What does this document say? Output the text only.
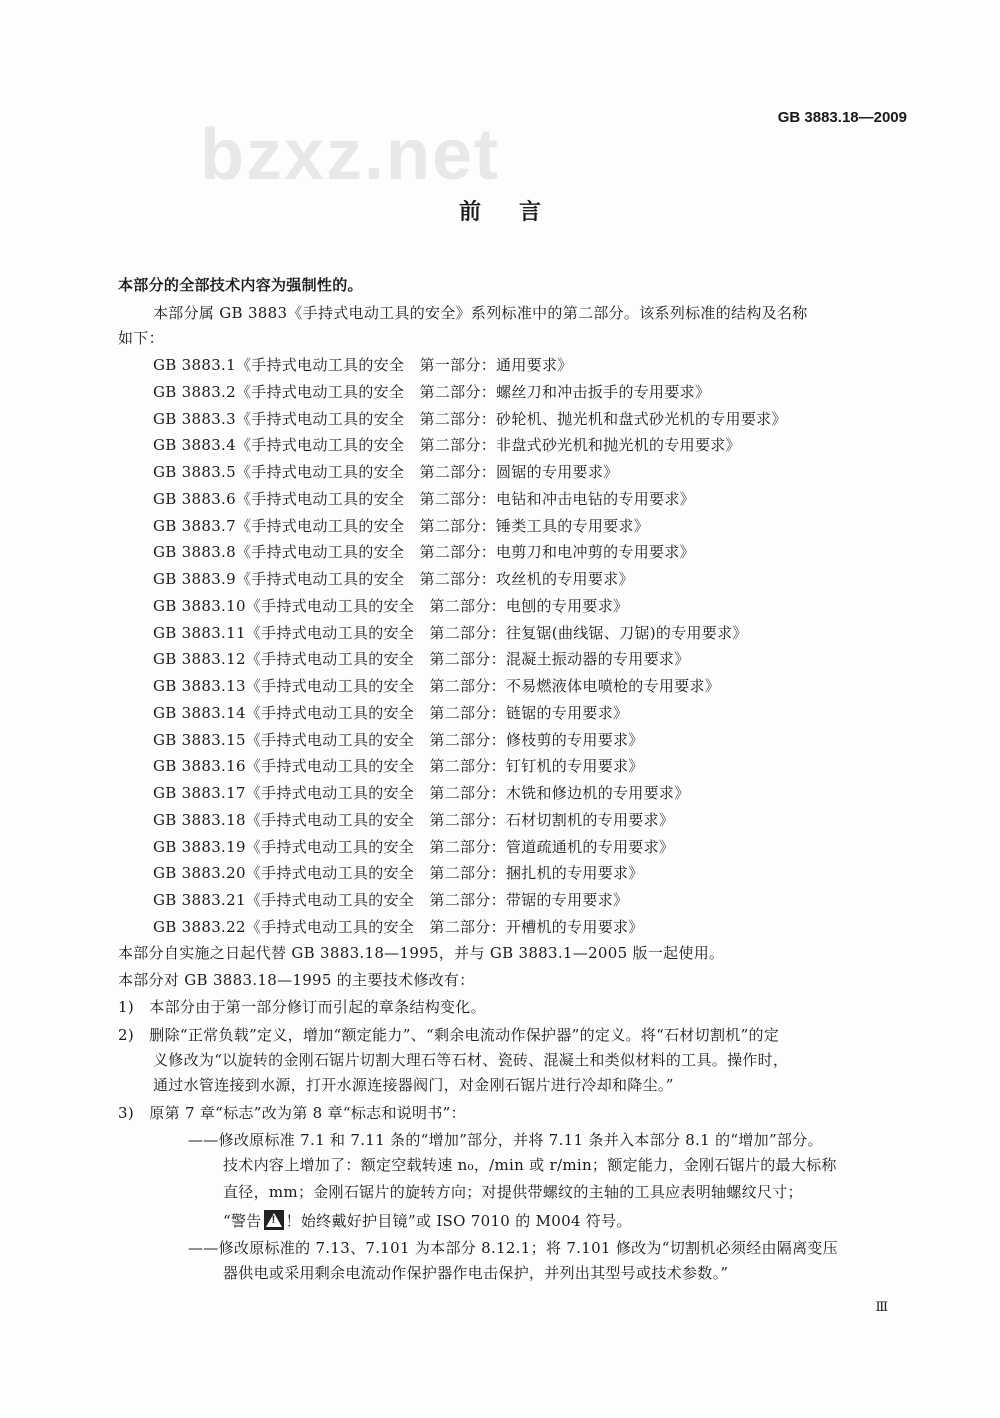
GB 3883.18—2009
bzxz.net
前言
本部分的全部技术内容为强制性的。
本部分属 GB 3883《手持式电动工具的安全》系列标准中的第二部分。该系列标准的结构及名称
如下：
GB 3883.1《手持式电动工具的安全　第一部分：通用要求》
GB 3883.2《手持式电动工具的安全　第二部分：螺丝刀和冲击扳手的专用要求》
GB 3883.3《手持式电动工具的安全　第二部分：砂轮机、抛光机和盘式砂光机的专用要求》
GB 3883.4《手持式电动工具的安全　第二部分：非盘式砂光机和抛光机的专用要求》
GB 3883.5《手持式电动工具的安全　第二部分：圆锯的专用要求》
GB 3883.6《手持式电动工具的安全　第二部分：电钻和冲击电钻的专用要求》
GB 3883.7《手持式电动工具的安全　第二部分：锤类工具的专用要求》
GB 3883.8《手持式电动工具的安全　第二部分：电剪刀和电冲剪的专用要求》
GB 3883.9《手持式电动工具的安全　第二部分：攻丝机的专用要求》
GB 3883.10《手持式电动工具的安全　第二部分：电刨的专用要求》
GB 3883.11《手持式电动工具的安全　第二部分：往复锯(曲线锯、刀锯)的专用要求》
GB 3883.12《手持式电动工具的安全　第二部分：混凝土振动器的专用要求》
GB 3883.13《手持式电动工具的安全　第二部分：不易燃液体电喷枪的专用要求》
GB 3883.14《手持式电动工具的安全　第二部分：链锯的专用要求》
GB 3883.15《手持式电动工具的安全　第二部分：修枝剪的专用要求》
GB 3883.16《手持式电动工具的安全　第二部分：钉钉机的专用要求》
GB 3883.17《手持式电动工具的安全　第二部分：木铣和修边机的专用要求》
GB 3883.18《手持式电动工具的安全　第二部分：石材切割机的专用要求》
GB 3883.19《手持式电动工具的安全　第二部分：管道疏通机的专用要求》
GB 3883.20《手持式电动工具的安全　第二部分：捆扎机的专用要求》
GB 3883.21《手持式电动工具的安全　第二部分：带锯的专用要求》
GB 3883.22《手持式电动工具的安全　第二部分：开槽机的专用要求》
本部分自实施之日起代替 GB 3883.18—1995，并与 GB 3883.1—2005 版一起使用。
本部分对 GB 3883.18—1995 的主要技术修改有：
1)　本部分由于第一部分修订而引起的章条结构变化。
2)　删除“正常负载”定义，增加“额定能力”、“剩余电流动作保护器”的定义。将“石材切割机”的定
义修改为“以旋转的金刚石锯片切割大理石等石材、瓷砖、混凝土和类似材料的工具。操作时，
通过水管连接到水源，打开水源连接器阀门，对金刚石锯片进行冷却和降尘。”
3)　原第 7 章“标志”改为第 8 章“标志和说明书”：
——修改原标准 7.1 和 7.11 条的“增加”部分，并将 7.11 条并入本部分 8.1 的“增加”部分。
技术内容上增加了：额定空载转速 n₀，/min 或 r/min；额定能力，金刚石锯片的最大标称
直径，mm；金刚石锯片的旋转方向；对提供带螺纹的主轴的工具应表明轴螺纹尺寸；
“警告 ! ！始终戴好护目镜”或 ISO 7010 的 M004 符号。
——修改原标准的 7.13、7.101 为本部分 8.12.1；将 7.101 修改为“切割机必须经由隔离变压
器供电或采用剩余电流动作保护器作电击保护，并列出其型号或技术参数。”
Ⅲ
